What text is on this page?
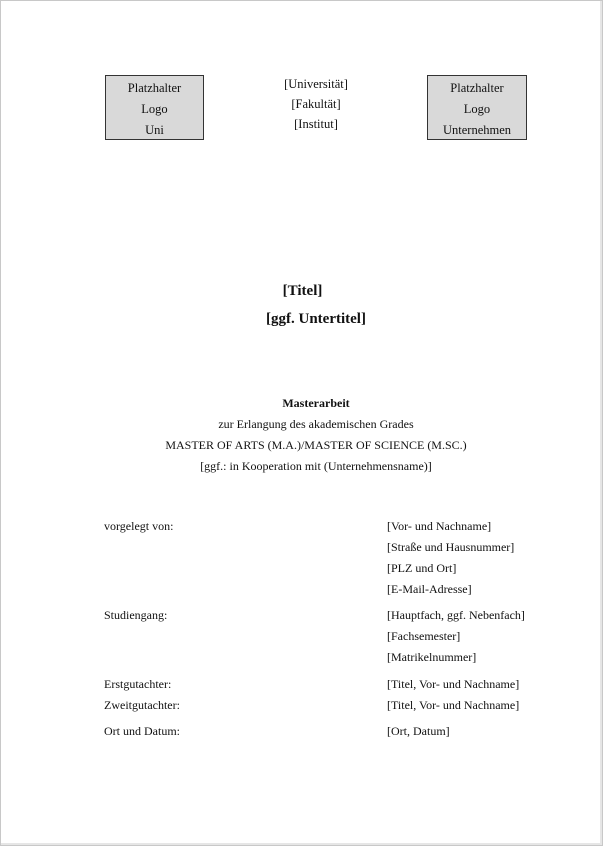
Platzhalter
Logo
Uni
[Universität]
[Fakultät]
[Institut]
Platzhalter
Logo
Unternehmen
[Titel]
[ggf. Untertitel]
Masterarbeit
zur Erlangung des akademischen Grades
MASTER OF ARTS (M.A.)/MASTER OF SCIENCE (M.SC.)
[ggf.: in Kooperation mit (Unternehmensname)]
vorgelegt von:	[Vor- und Nachname]
[Straße und Hausnummer]
[PLZ und Ort]
[E-Mail-Adresse]
Studiengang:	[Hauptfach, ggf. Nebenfach]
[Fachsemester]
[Matrikelnummer]
Erstgutachter:	[Titel, Vor- und Nachname]
Zweitgutachter:	[Titel, Vor- und Nachname]
Ort und Datum:	[Ort, Datum]
